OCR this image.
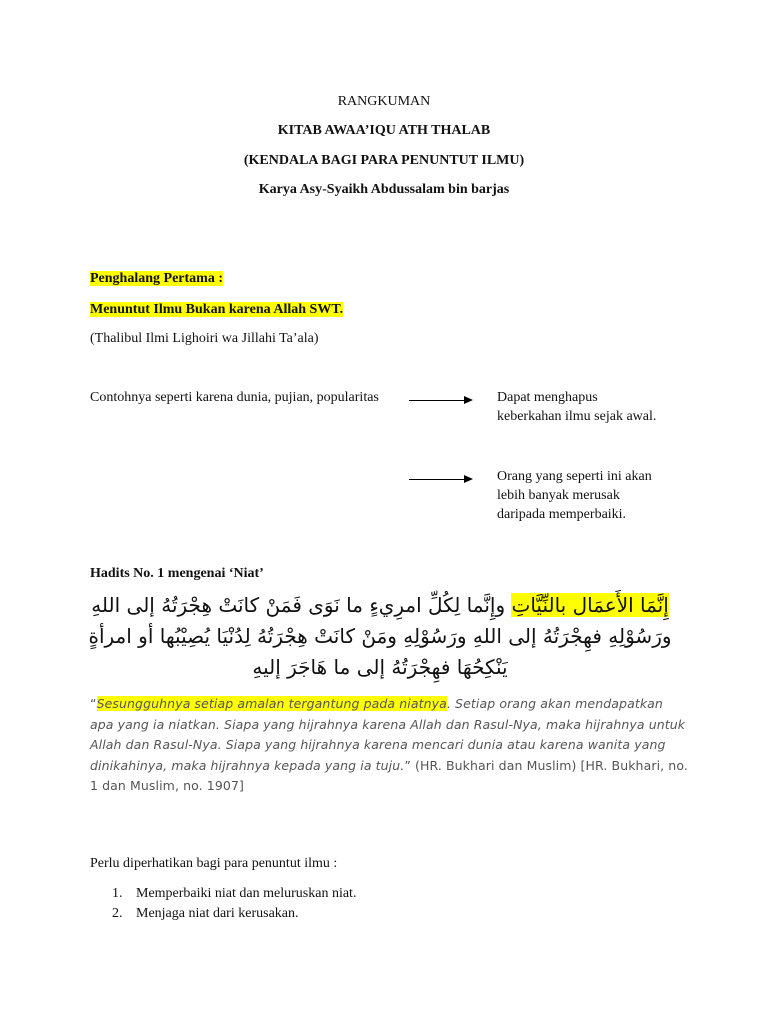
RANGKUMAN
KITAB AWAA’IQU ATH THALAB
(KENDALA BAGI PARA PENUNTUT ILMU)
Karya Asy-Syaikh Abdussalam bin barjas
Penghalang Pertama :
Menuntut Ilmu Bukan karena Allah SWT.
(Thalibul Ilmi Lighoiri wa Jillahi Ta’ala)
Contohnya seperti karena dunia, pujian, popularitas	Dapat menghapus
keberkahan ilmu sejak awal.
Orang yang seperti ini akan
lebih banyak merusak
daripada memperbaiki.
Hadits No. 1 mengenai ‘Niat’
إِنَّمَا الأَعمَال بالنِّيَّاتِ وإِنَّما لِكُلِّ امرِيءٍ ما نَوَى فَمَنْ كانَتْ هِجْرَتُهُ إلى اللهِ ورَسُوْلِهِ فهِجْرَتُهُ إلى اللهِ ورَسُوْلِهِ ومَنْ كانَتْ هِجْرَتُهُ لِدُنْيَا يُصِيْبُها أو امرأةٍ يَنْكِحُهَا فهِجْرَتُهُ إلى ما هَاجَرَ إليهِ
“Sesungguhnya setiap amalan tergantung pada niatnya. Setiap orang akan mendapatkan apa yang ia niatkan. Siapa yang hijrahnya karena Allah dan Rasul-Nya, maka hijrahnya untuk Allah dan Rasul-Nya. Siapa yang hijrahnya karena mencari dunia atau karena wanita yang dinikahinya, maka hijrahnya kepada yang ia tuju.” (HR. Bukhari dan Muslim) [HR. Bukhari, no. 1 dan Muslim, no. 1907]
Perlu diperhatikan bagi para penuntut ilmu :
1. Memperbaiki niat dan meluruskan niat.
2. Menjaga niat dari kerusakan.
